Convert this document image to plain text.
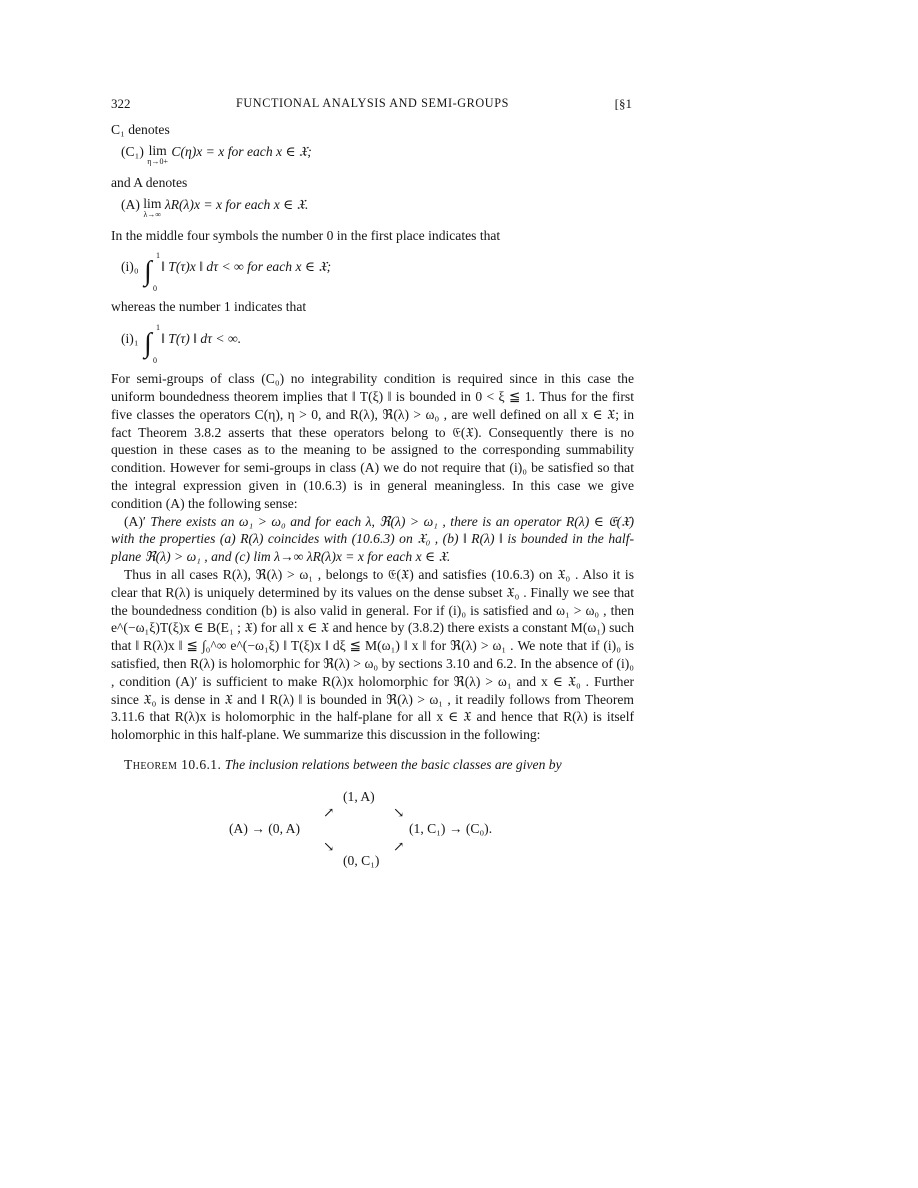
322	FUNCTIONAL ANALYSIS AND SEMI-GROUPS	[§1

C₁ denotes

(C₁) lim
η→0+
C(η)x = x for each x ∈ 𝔛;

and A denotes

(A) lim
λ→∞
λR(λ)x = x for each x ∈ 𝔛.

In the middle four symbols the number 0 in the first place indicates that

(i)₀ ∫
1
0
‖ T(τ)x ‖ dτ < ∞ for each x ∈ 𝔛;

whereas the number 1 indicates that

(i)₁ ∫
1
0
‖ T(τ) ‖ dτ < ∞.

For semi-groups of class (C₀) no integrability condition is required since in this case the uniform boundedness theorem implies that ‖ T(ξ) ‖ is bounded in 0 < ξ ≦ 1. Thus for the first five classes the operators C(η), η > 0, and R(λ), ℜ(λ) > ω₀ , are well defined on all x ∈ 𝔛; in fact Theorem 3.8.2 asserts that these operators belong to 𝔈(𝔛). Consequently there is no question in these cases as to the meaning to be assigned to the corresponding summability condition. However for semi-groups in class (A) we do not require that (i)₀ be satisfied so that the integral expression given in (10.6.3) is in general meaningless. In this case we give condition (A) the following sense:

(A)′ There exists an ω₁ > ω₀ and for each λ, ℜ(λ) > ω₁ , there is an operator R(λ) ∈ 𝔈(𝔛) with the properties (a) R(λ) coincides with (10.6.3) on 𝔛₀ , (b) ‖ R(λ) ‖ is bounded in the half-plane ℜ(λ) > ω₁ , and (c) lim λ→∞ λR(λ)x = x for each x ∈ 𝔛.

Thus in all cases R(λ), ℜ(λ) > ω₁ , belongs to 𝔈(𝔛) and satisfies (10.6.3) on 𝔛₀ . Also it is clear that R(λ) is uniquely determined by its values on the dense subset 𝔛₀ . Finally we see that the boundedness condition (b) is also valid in general. For if (i)₀ is satisfied and ω₁ > ω₀ , then e^(−ω₁ξ)T(ξ)x ∈ B(E₁ ; 𝔛) for all x ∈ 𝔛 and hence by (3.8.2) there exists a constant M(ω₁) such that ‖ R(λ)x ‖ ≦ ∫₀^∞ e^(−ω₁ξ) ‖ T(ξ)x ‖ dξ ≦ M(ω₁) ‖ x ‖ for ℜ(λ) > ω₁ . We note that if (i)₀ is satisfied, then R(λ) is holomorphic for ℜ(λ) > ω₀ by sections 3.10 and 6.2. In the absence of (i)₀ , condition (A)′ is sufficient to make R(λ)x holomorphic for ℜ(λ) > ω₁ and x ∈ 𝔛₀ . Further since 𝔛₀ is dense in 𝔛 and ‖ R(λ) ‖ is bounded in ℜ(λ) > ω₁ , it readily follows from Theorem 3.11.6 that R(λ)x is holomorphic in the half-plane for all x ∈ 𝔛 and hence that R(λ) is itself holomorphic in this half-plane. We summarize this discussion in the following:

Theorem 10.6.1. The inclusion relations between the basic classes are given by

(A) → (0, A)
↗
(1, A)
↘
(1, C₁) → (C₀).
↘
(0, C₁)
↗
